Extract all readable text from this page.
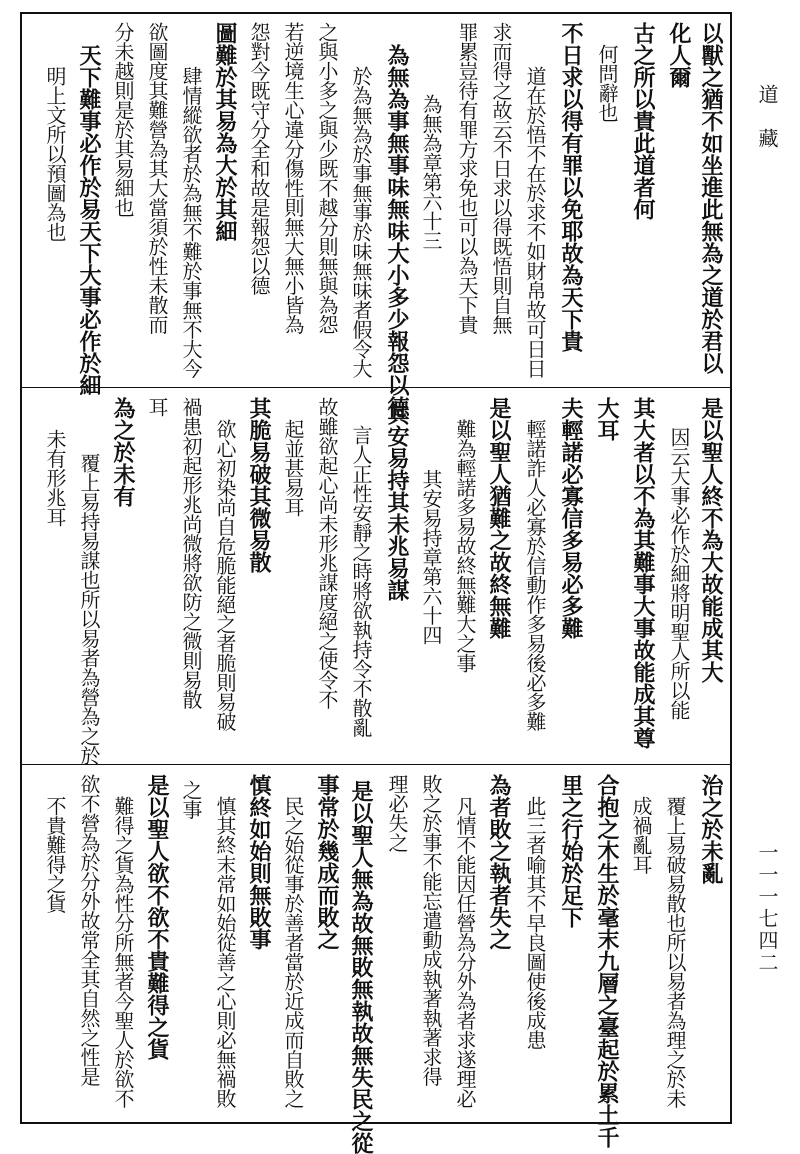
以獸之猶不如坐進此無為之道於君以
化人爾
古之所以貴此道者何
何問辭也
不日求以得有罪以免耶故為天下貴
道在於悟不在於求不如財帛故可日日
求而得之故云不日求以得既悟則自無
罪累豈待有罪方求免也可以為天下貴
為無為章第六十三
為無為事無事味無味大小多少報怨以德
於為無為於事無事於味無味者假令大
之與小多之與少既不越分則無與為怨
若逆境生心違分傷性則無大無小皆為
怨對今既守分全和故是報怨以德
圖難於其易為大於其細
肆情縱欲者於為無不難於事無不大今
欲圖度其難營為其大當須於性未散而
分未越則是於其易細也
天下難事必作於易天下大事必作於細
明上文所以預圖為也
是以聖人終不為大故能成其大
因云大事必作於細將明聖人所以能
其大者以不為其難事大事故能成其尊
大耳
夫輕諾必寡信多易必多難
輕諾詐人必寡於信動作多易後必多難
是以聖人猶難之故終無難
難為輕諾多易故終無難大之事
其安易持章第六十四
其安易持其未兆易謀
言人正性安靜之時將欲執持令不散亂
故雖欲起心尚未形兆謀度絕之使令不
起並甚易耳
其脆易破其微易散
欲心初染尚自危脆能絕之者脆則易破
禍患初起形兆尚微將欲防之微則易散
耳
為之於未有
覆上易持易謀也所以易者為營為之於
未有形兆耳
治之於未亂
覆上易破易散也所以易者為理之於未
成禍亂耳
合抱之木生於毫末九層之臺起於累土千
里之行始於足下
此三者喻其不早良圖使後成患
為者敗之執者失之
凡情不能因任營為分外為者求遂理必
敗之於事不能忘遣動成執著執著求得
理必失之
是以聖人無為故無敗無執故無失民之從
事常於幾成而敗之
民之始從事於善者當於近成而自敗之
慎終如始則無敗事
慎其終末常如始從善之心則必無禍敗
之事
是以聖人欲不欲不貴難得之貨
難得之貨為性分所無者今聖人於欲不
欲不營為於分外故常全其自然之性是
不貴難得之貨
道 藏
一一一七四二
